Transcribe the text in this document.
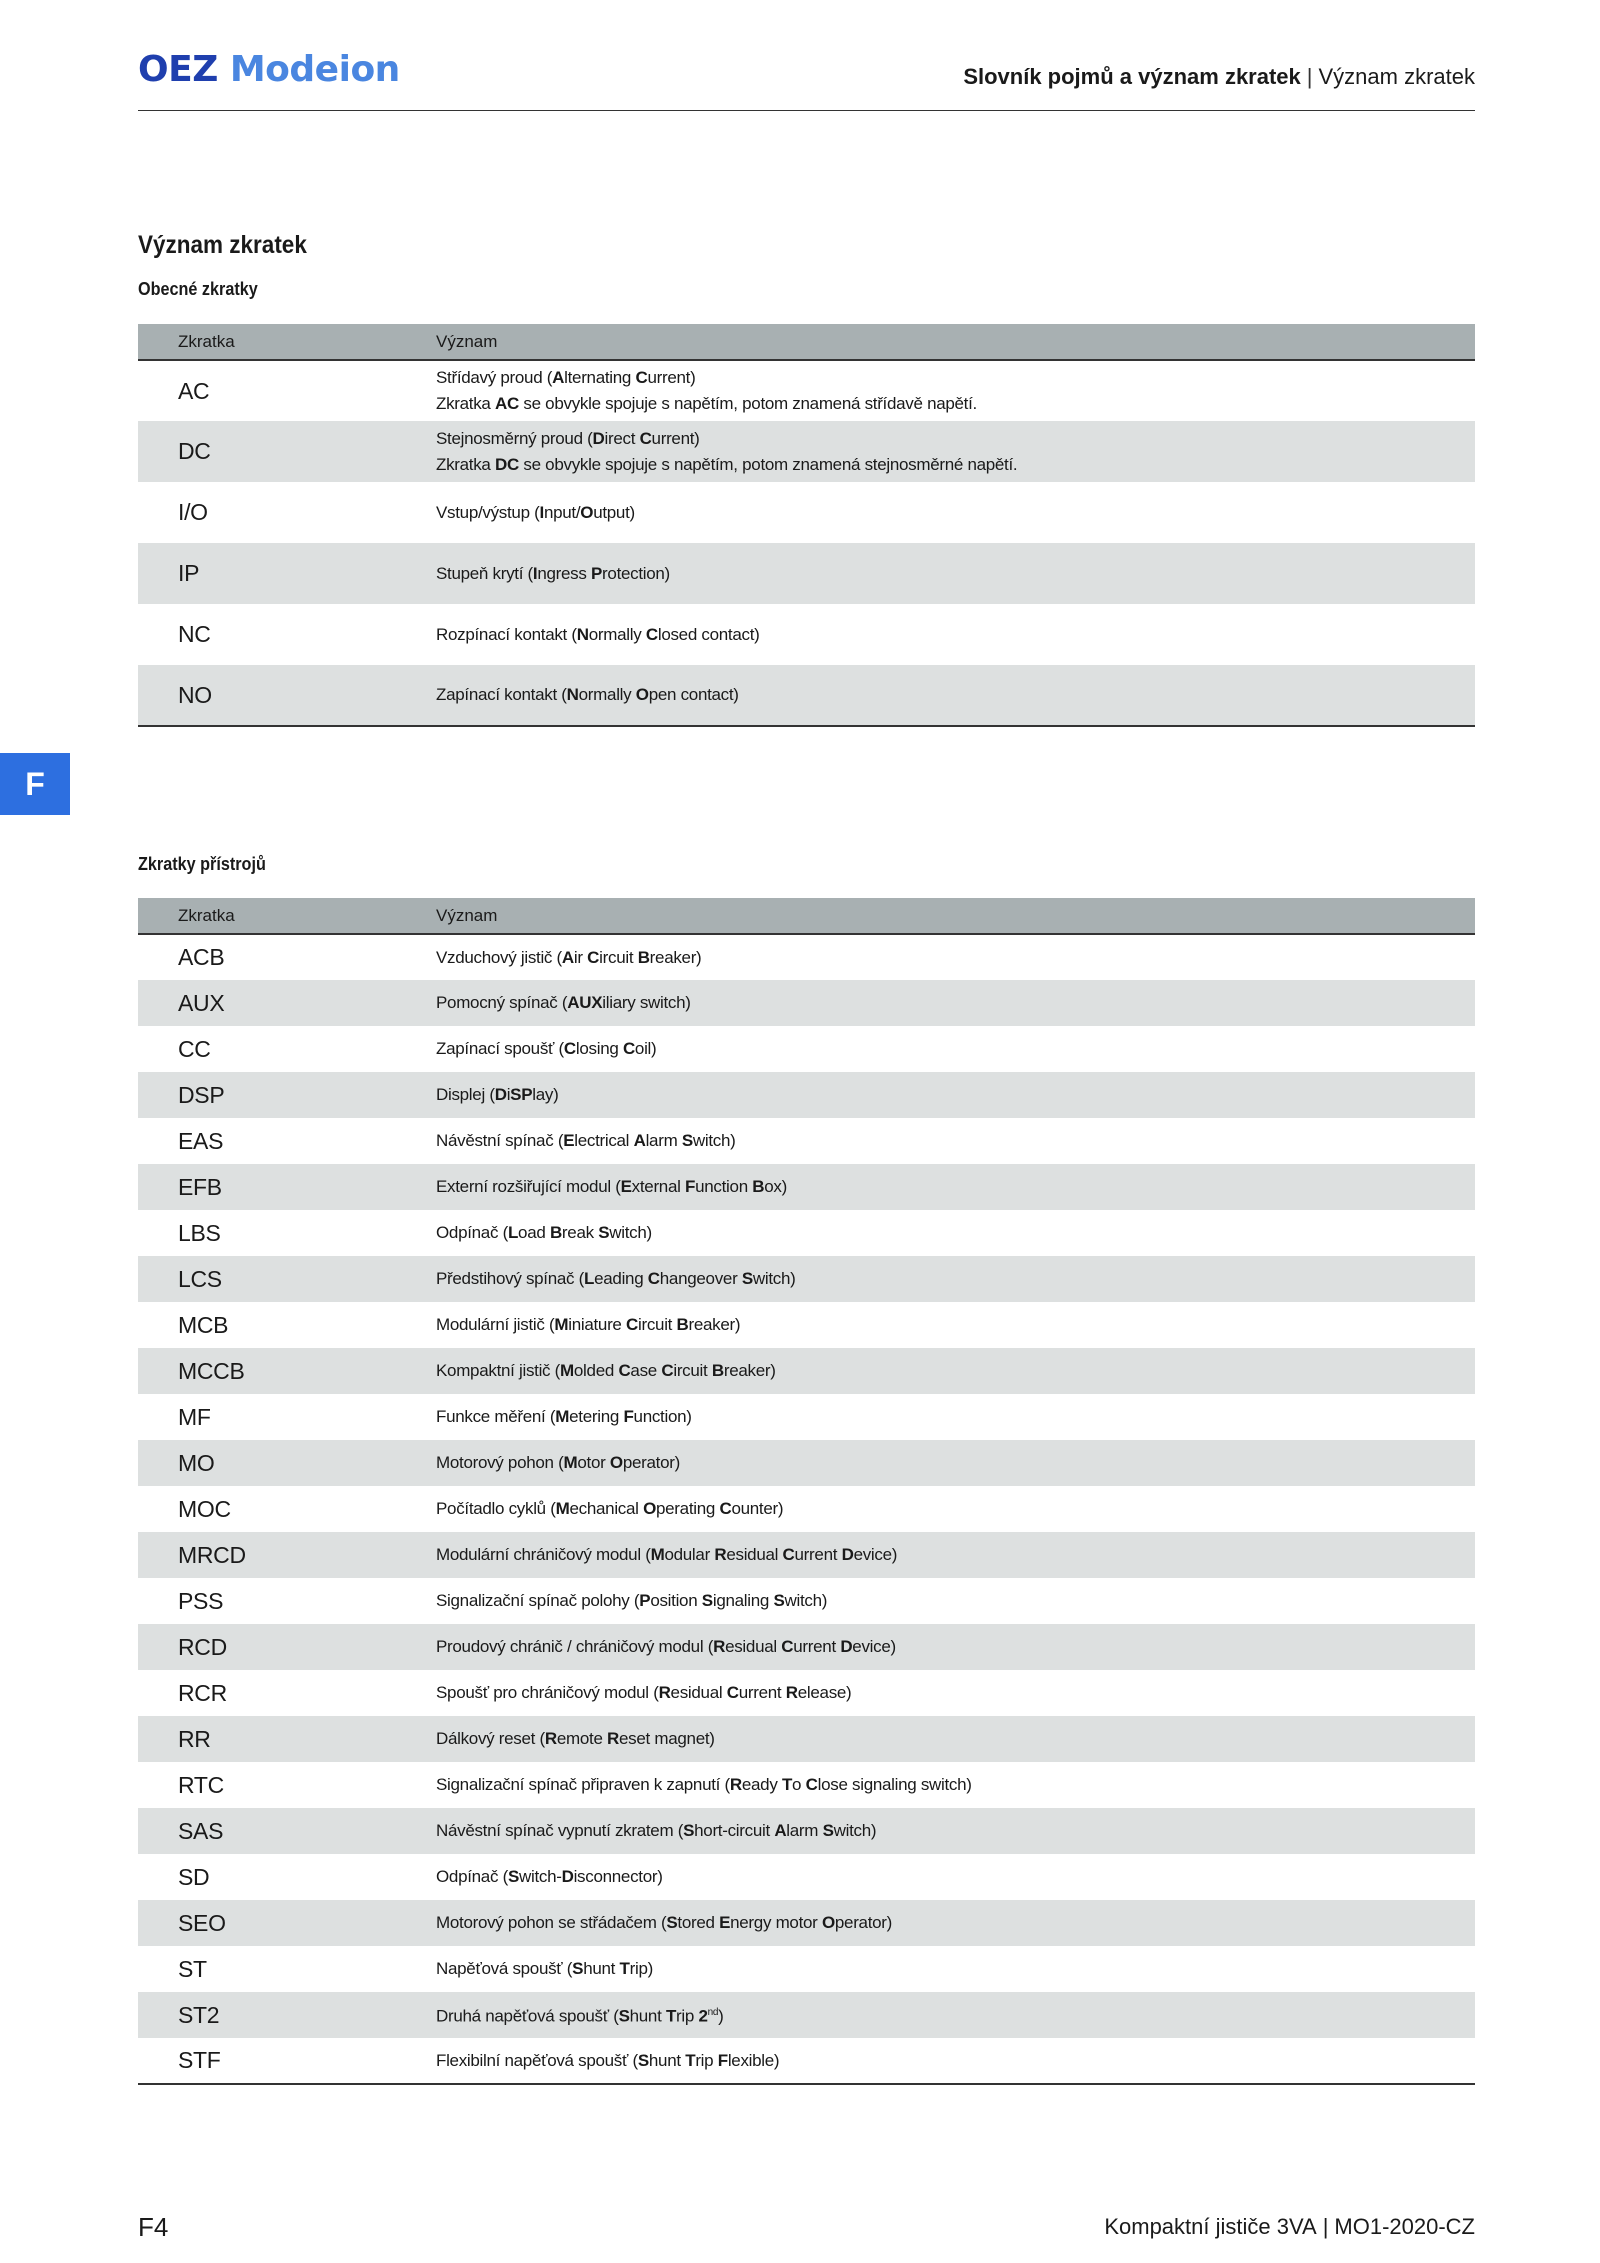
OEZ Modeion	Slovník pojmů a význam zkratek | Význam zkratek
F
Význam zkratek
Obecné zkratky
Zkratka	Význam
AC	Střídavý proud (Alternating Current)
Zkratka AC se obvykle spojuje s napětím, potom znamená střídavě napětí.
DC	Stejnosměrný proud (Direct Current)
Zkratka DC se obvykle spojuje s napětím, potom znamená stejnosměrné napětí.
I/O	Vstup/výstup (Input/Output)
IP	Stupeň krytí (Ingress Protection)
NC	Rozpínací kontakt (Normally Closed contact)
NO	Zapínací kontakt (Normally Open contact)
Zkratky přístrojů
Zkratka	Význam
ACB	Vzduchový jistič (Air Circuit Breaker)
AUX	Pomocný spínač (AUXiliary switch)
CC	Zapínací spoušť (Closing Coil)
DSP	Displej (DiSPlay)
EAS	Návěstní spínač (Electrical Alarm Switch)
EFB	Externí rozšiřující modul (External Function Box)
LBS	Odpínač (Load Break Switch)
LCS	Předstihový spínač (Leading Changeover Switch)
MCB	Modulární jistič (Miniature Circuit Breaker)
MCCB	Kompaktní jistič (Molded Case Circuit Breaker)
MF	Funkce měření (Metering Function)
MO	Motorový pohon (Motor Operator)
MOC	Počítadlo cyklů (Mechanical Operating Counter)
MRCD	Modulární chráničový modul (Modular Residual Current Device)
PSS	Signalizační spínač polohy (Position Signaling Switch)
RCD	Proudový chránič / chráničový modul (Residual Current Device)
RCR	Spoušť pro chráničový modul (Residual Current Release)
RR	Dálkový reset (Remote Reset magnet)
RTC	Signalizační spínač připraven k zapnutí (Ready To Close signaling switch)
SAS	Návěstní spínač vypnutí zkratem (Short-circuit Alarm Switch)
SD	Odpínač (Switch-Disconnector)
SEO	Motorový pohon se střádačem (Stored Energy motor Operator)
ST	Napěťová spoušť (Shunt Trip)
ST2	Druhá napěťová spoušť (Shunt Trip 2nd)
STF	Flexibilní napěťová spoušť (Shunt Trip Flexible)
F4	Kompaktní jističe 3VA | MO1-2020-CZ
